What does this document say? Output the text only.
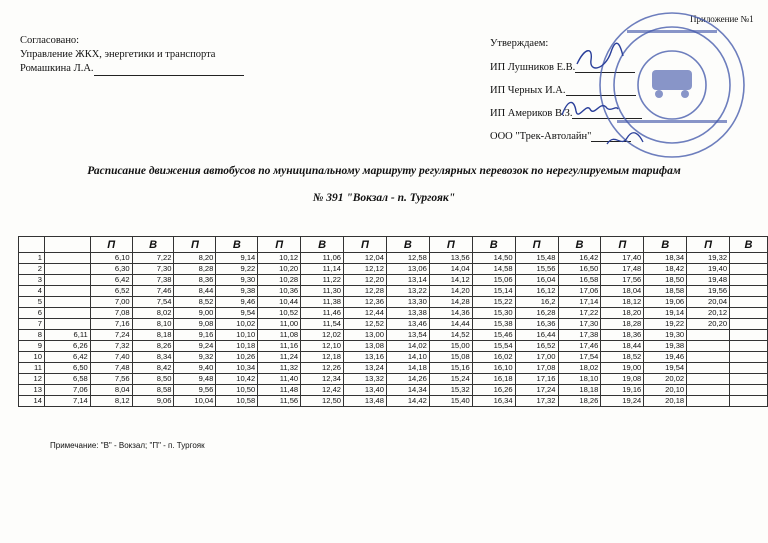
Приложение №1
Согласовано:
Управление ЖКХ, энергетики и транспорта
Ромашкина Л.А.
Утверждаем:
ИП Лушников Е.В.
ИП Черных И.А.
ИП Америков В.З.
ООО "Трек-Автолайн"
Расписание движения автобусов по муниципальному маршруту регулярных перевозок по нерегулируемым тарифам
№ 391 "Вокзал - п. Тургояк"
		П	В	П	В	П	В	П	В	П	В	П	В	П	В	П	В
1		6,10	7,22	8,20	9,14	10,12	11,06	12,04	12,58	13,56	14,50	15,48	16,42	17,40	18,34	19,32	
2		6,30	7,30	8,28	9,22	10,20	11,14	12,12	13,06	14,04	14,58	15,56	16,50	17,48	18,42	19,40	
3		6,42	7,38	8,36	9,30	10,28	11,22	12,20	13,14	14,12	15,06	16,04	16,58	17,56	18,50	19,48	
4		6,52	7,46	8,44	9,38	10,36	11,30	12,28	13,22	14,20	15,14	16,12	17,06	18,04	18,58	19,56	
5		7,00	7,54	8,52	9,46	10,44	11,38	12,36	13,30	14,28	15,22	16,2	17,14	18,12	19,06	20,04	
6		7,08	8,02	9,00	9,54	10,52	11,46	12,44	13,38	14,36	15,30	16,28	17,22	18,20	19,14	20,12	
7		7,16	8,10	9,08	10,02	11,00	11,54	12,52	13,46	14,44	15,38	16,36	17,30	18,28	19,22	20,20	
8	6,11	7,24	8,18	9,16	10,10	11,08	12,02	13,00	13,54	14,52	15,46	16,44	17,38	18,36	19,30		
9	6,26	7,32	8,26	9,24	10,18	11,16	12,10	13,08	14,02	15,00	15,54	16,52	17,46	18,44	19,38		
10	6,42	7,40	8,34	9,32	10,26	11,24	12,18	13,16	14,10	15,08	16,02	17,00	17,54	18,52	19,46		
11	6,50	7,48	8,42	9,40	10,34	11,32	12,26	13,24	14,18	15,16	16,10	17,08	18,02	19,00	19,54		
12	6,58	7,56	8,50	9,48	10,42	11,40	12,34	13,32	14,26	15,24	16,18	17,16	18,10	19,08	20,02		
13	7,06	8,04	8,58	9,56	10,50	11,48	12,42	13,40	14,34	15,32	16,26	17,24	18,18	19,16	20,10		
14	7,14	8,12	9,06	10,04	10,58	11,56	12,50	13,48	14,42	15,40	16,34	17,32	18,26	19,24	20,18		
Примечание: "В" - Вокзал; "П" - п. Тургояк
